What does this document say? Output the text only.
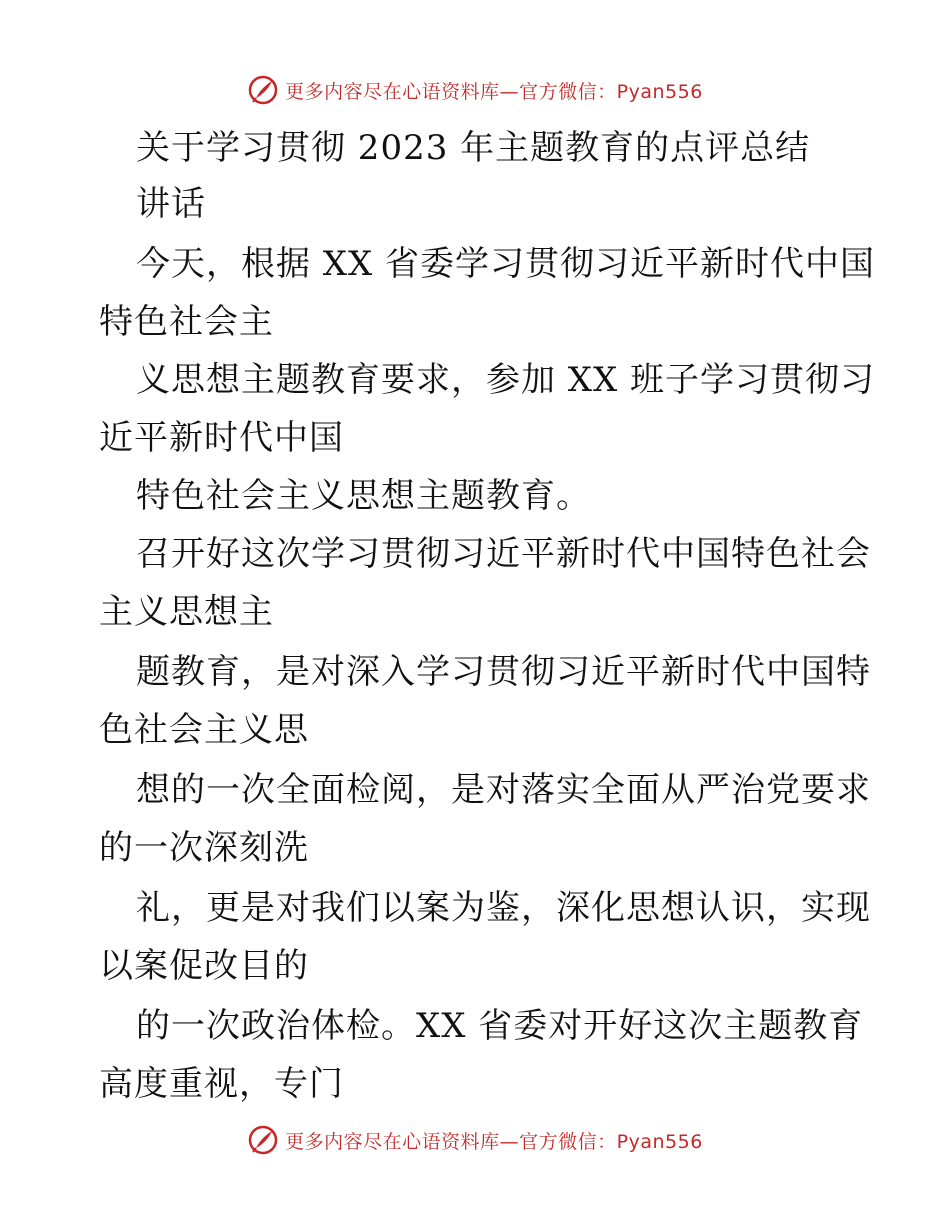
更多内容尽在心语资料库—官方微信：Pyan556
关于学习贯彻 2023 年主题教育的点评总结
讲话
今天，根据 XX 省委学习贯彻习近平新时代中国
特色社会主
义思想主题教育要求，参加 XX 班子学习贯彻习
近平新时代中国
特色社会主义思想主题教育。
召开好这次学习贯彻习近平新时代中国特色社会
主义思想主
题教育，是对深入学习贯彻习近平新时代中国特
色社会主义思
想的一次全面检阅，是对落实全面从严治党要求
的一次深刻洗
礼，更是对我们以案为鉴，深化思想认识，实现
以案促改目的
的一次政治体检。XX 省委对开好这次主题教育
高度重视，专门
更多内容尽在心语资料库—官方微信：Pyan556
